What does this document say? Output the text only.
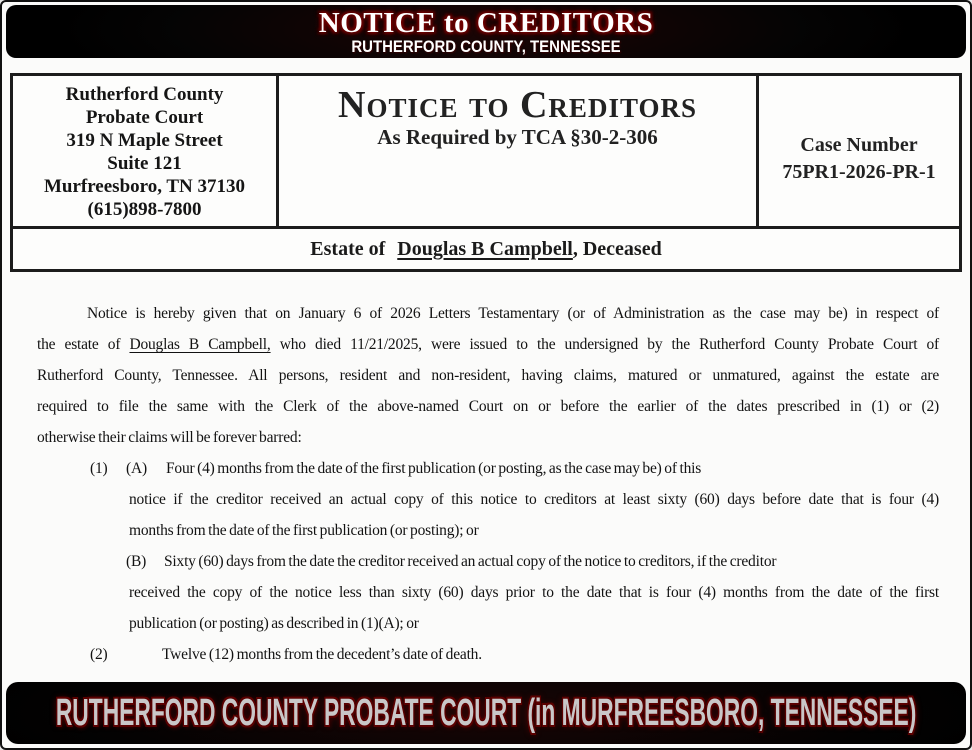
NOTICE to CREDITORS
RUTHERFORD COUNTY, TENNESSEE
Rutherford County
Probate Court
319 N Maple Street
Suite 121
Murfreesboro, TN 37130
(615)898-7800
Notice to Creditors
As Required by TCA §30-2-306	Case Number
75PR1-2026-PR-1
Estate of Douglas B Campbell, Deceased
Notice is hereby given that on January 6 of 2026 Letters Testamentary (or of Administration as the case may be) in respect of
the estate of Douglas B Campbell, who died 11/21/2025, were issued to the undersigned by the Rutherford County Probate Court of
Rutherford County, Tennessee. All persons, resident and non-resident, having claims, matured or unmatured, against the estate are
required to file the same with the Clerk of the above-named Court on or before the earlier of the dates prescribed in (1) or (2)
otherwise their claims will be forever barred:
(1) (A) Four (4) months from the date of the first publication (or posting, as the case may be) of this
notice if the creditor received an actual copy of this notice to creditors at least sixty (60) days before date that is four (4)
months from the date of the first publication (or posting); or
(B) Sixty (60) days from the date the creditor received an actual copy of the notice to creditors, if the creditor
received the copy of the notice less than sixty (60) days prior to the date that is four (4) months from the date of the first
publication (or posting) as described in (1)(A); or
(2)	Twelve (12) months from the decedent’s date of death.
RUTHERFORD COUNTY PROBATE COURT (in MURFREESBORO, TENNESSEE)
